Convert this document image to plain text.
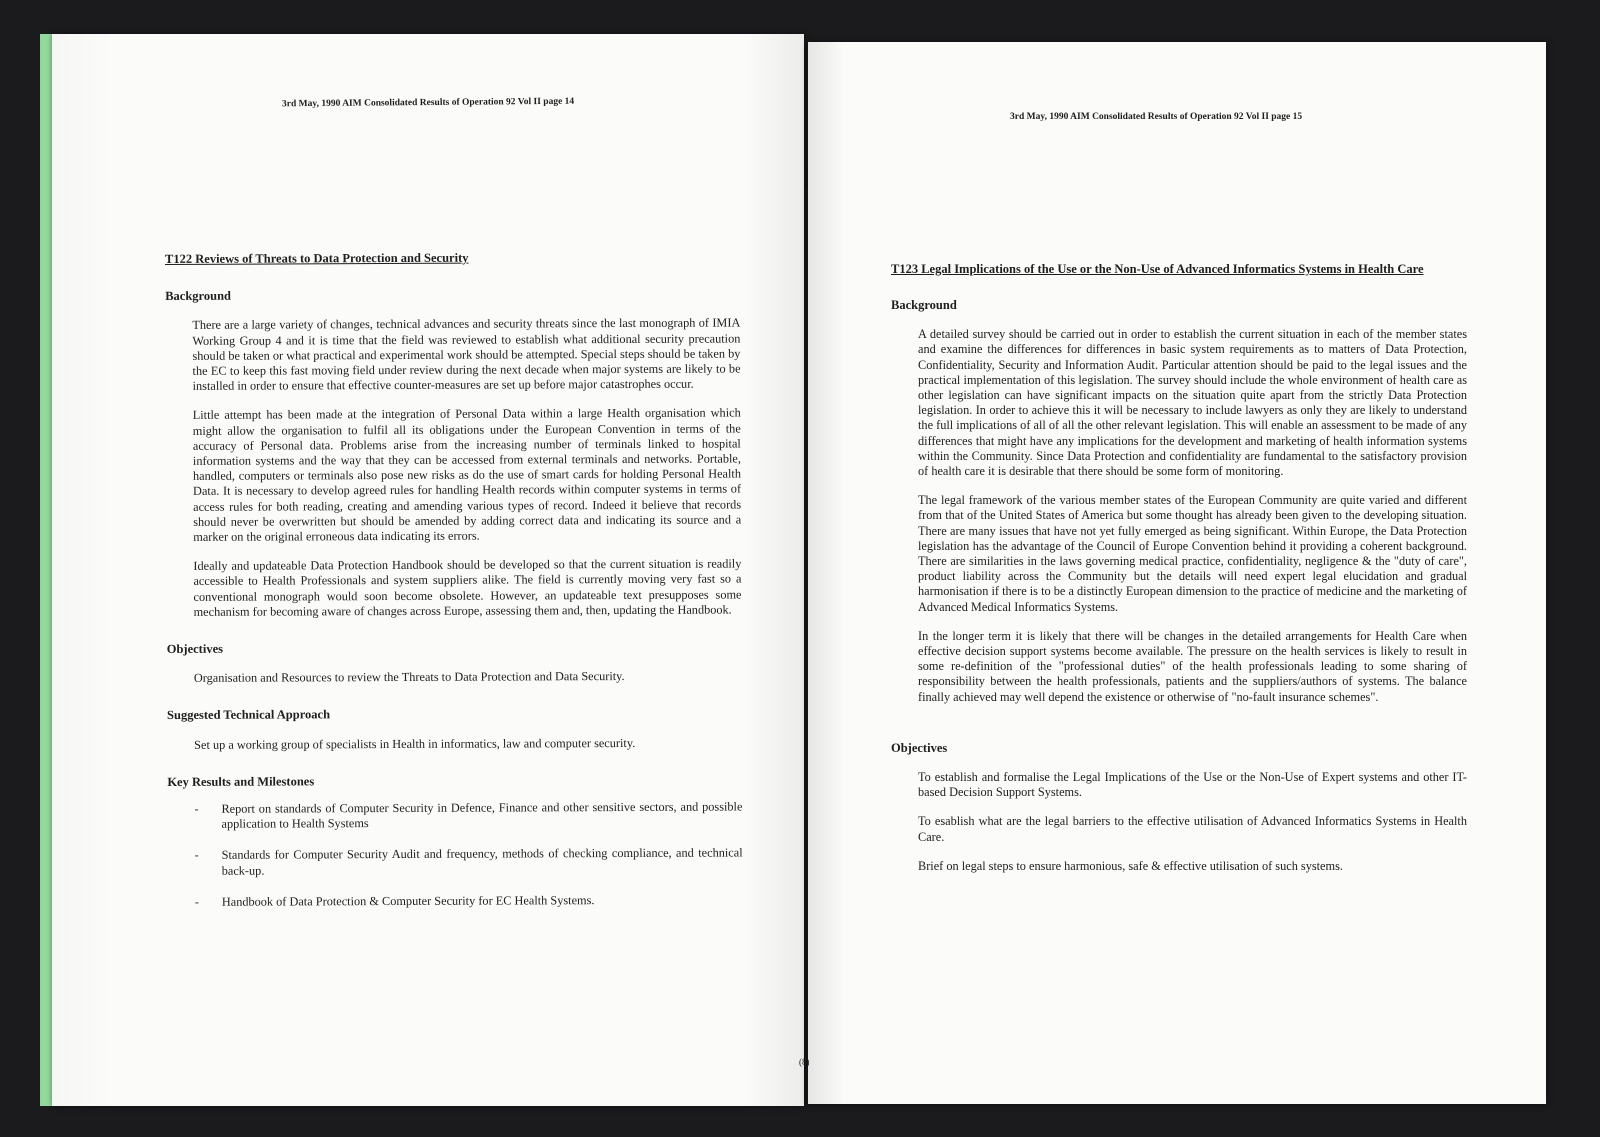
3rd May, 1990 AIM Consolidated Results of Operation 92 Vol II page 14
3rd May, 1990 AIM Consolidated Results of Operation 92 Vol II page 15
T122 Reviews of Threats to Data Protection and Security
Background

There are a large variety of changes, technical advances and security threats since the last monograph of IMIA Working Group 4 and it is time that the field was reviewed to establish what additional security precaution should be taken or what practical and experimental work should be attempted. Special steps should be taken by the EC to keep this fast moving field under review during the next decade when major systems are likely to be installed in order to ensure that effective counter-measures are set up before major catastrophes occur.

Little attempt has been made at the integration of Personal Data within a large Health organisation which might allow the organisation to fulfil all its obligations under the European Convention in terms of the accuracy of Personal data. Problems arise from the increasing number of terminals linked to hospital information systems and the way that they can be accessed from external terminals and networks. Portable, handled, computers or terminals also pose new risks as do the use of smart cards for holding Personal Health Data. It is necessary to develop agreed rules for handling Health records within computer systems in terms of access rules for both reading, creating and amending various types of record. Indeed it believe that records should never be overwritten but should be amended by adding correct data and indicating its source and a marker on the original erroneous data indicating its errors.

Ideally and updateable Data Protection Handbook should be developed so that the current situation is readily accessible to Health Professionals and system suppliers alike. The field is currently moving very fast so a conventional monograph would soon become obsolete. However, an updateable text presupposes some mechanism for becoming aware of changes across Europe, assessing them and, then, updating the Handbook.

Objectives

Organisation and Resources to review the Threats to Data Protection and Data Security.

Suggested Technical Approach

Set up a working group of specialists in Health in informatics, law and computer security.

Key Results and Milestones
- Report on standards of Computer Security in Defence, Finance and other sensitive sectors, and possible application to Health Systems
- Standards for Computer Security Audit and frequency, methods of checking compliance, and technical back-up.
- Handbook of Data Protection & Computer Security for EC Health Systems.
T123 Legal Implications of the Use or the Non-Use of Advanced Informatics Systems in Health Care
Background

A detailed survey should be carried out in order to establish the current situation in each of the member states and examine the differences for differences in basic system requirements as to matters of Data Protection, Confidentiality, Security and Information Audit. Particular attention should be paid to the legal issues and the practical implementation of this legislation. The survey should include the whole environment of health care as other legislation can have significant impacts on the situation quite apart from the strictly Data Protection legislation. In order to achieve this it will be necessary to include lawyers as only they are likely to understand the full implications of all of all the other relevant legislation. This will enable an assessment to be made of any differences that might have any implications for the development and marketing of health information systems within the Community. Since Data Protection and confidentiality are fundamental to the satisfactory provision of health care it is desirable that there should be some form of monitoring.

The legal framework of the various member states of the European Community are quite varied and different from that of the United States of America but some thought has already been given to the developing situation. There are many issues that have not yet fully emerged as being significant. Within Europe, the Data Protection legislation has the advantage of the Council of Europe Convention behind it providing a coherent background. There are similarities in the laws governing medical practice, confidentiality, negligence & the "duty of care", product liability across the Community but the details will need expert legal elucidation and gradual harmonisation if there is to be a distinctly European dimension to the practice of medicine and the marketing of Advanced Medical Informatics Systems.

In the longer term it is likely that there will be changes in the detailed arrangements for Health Care when effective decision support systems become available. The pressure on the health services is likely to result in some re-definition of the "professional duties" of the health professionals leading to some sharing of responsibility between the health professionals, patients and the suppliers/authors of systems. The balance finally achieved may well depend the existence or otherwise of "no-fault insurance schemes".

Objectives

To establish and formalise the Legal Implications of the Use or the Non-Use of Expert systems and other IT-based Decision Support Systems.

To esablish what are the legal barriers to the effective utilisation of Advanced Informatics Systems in Health Care.

Brief on legal steps to ensure harmonious, safe & effective utilisation of such systems.

(8)
